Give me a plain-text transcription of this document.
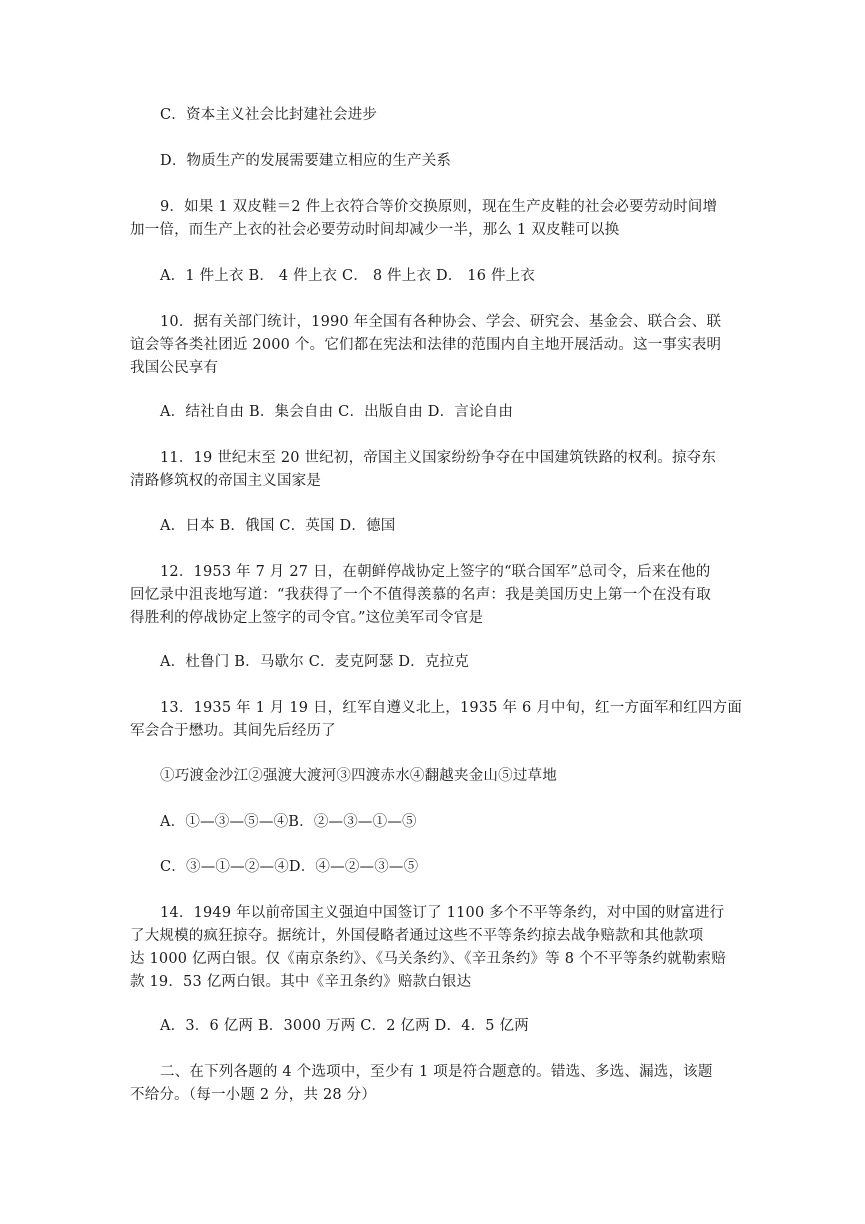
C．资本主义社会比封建社会进步
D．物质生产的发展需要建立相应的生产关系
9．如果 1 双皮鞋＝2 件上衣符合等价交换原则，现在生产皮鞋的社会必要劳动时间增
加一倍，而生产上衣的社会必要劳动时间却减少一半，那么 1 双皮鞋可以换
A．1 件上衣 B． 4 件上衣 C． 8 件上衣 D． 16 件上衣
10．据有关部门统计，1990 年全国有各种协会、学会、研究会、基金会、联合会、联
谊会等各类社团近 2000 个。它们都在宪法和法律的范围内自主地开展活动。这一事实表明
我国公民享有
A．结社自由 B．集会自由 C．出版自由 D．言论自由
11．19 世纪末至 20 世纪初，帝国主义国家纷纷争夺在中国建筑铁路的权利。掠夺东
清路修筑权的帝国主义国家是
A．日本 B．俄国 C．英国 D．德国
12．1953 年 7 月 27 日，在朝鲜停战协定上签字的“联合国军”总司令，后来在他的
回忆录中沮丧地写道：“我获得了一个不值得羡慕的名声：我是美国历史上第一个在没有取
得胜利的停战协定上签字的司令官。”这位美军司令官是
A．杜鲁门 B．马歇尔 C．麦克阿瑟 D．克拉克
13．1935 年 1 月 19 日，红军自遵义北上，1935 年 6 月中旬，红一方面军和红四方面
军会合于懋功。其间先后经历了
①巧渡金沙江②强渡大渡河③四渡赤水④翻越夹金山⑤过草地
A．①—③—⑤—④B．②—③—①—⑤
C．③—①—②—④D．④—②—③—⑤
14．1949 年以前帝国主义强迫中国签订了 1100 多个不平等条约，对中国的财富进行
了大规模的疯狂掠夺。据统计，外国侵略者通过这些不平等条约掠去战争赔款和其他款项
达 1000 亿两白银。仅《南京条约》、《马关条约》、《辛丑条约》等 8 个不平等条约就勒索赔
款 19．53 亿两白银。其中《辛丑条约》赔款白银达
A．3．6 亿两 B．3000 万两 C．2 亿两 D．4．5 亿两
二、在下列各题的 4 个选项中，至少有 1 项是符合题意的。错选、多选、漏选，该题
不给分。（每一小题 2 分，共 28 分）
